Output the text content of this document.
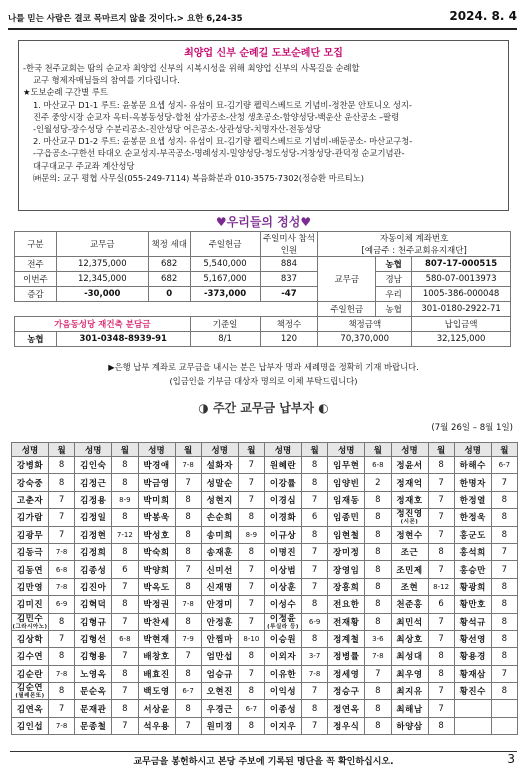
나를 믿는 사람은 결코 목마르지 않을 것이다.> 요한 6,24-35	2024. 8. 4
최양업 신부 순례길 도보순례단 모집

-한국 천주교회는 땀의 순교자 최양업 신부의 시복시성을 위해 최양업 신부의 사목길을 순례할

교구 형제자매님들의 참여를 기다립니다.

★도보순례 구간별 루트

1. 마산교구 D1-1 루트: 윤봉문 요셉 성지- 유섬이 묘-김기량 펠릭스베드로 기념비-정찬문 안토니오 성지-

진주 중앙시장 순교자 옥터-옥봉동성당-합천 삼가공소-산청 생초공소-함양성당-백운산 운산공소 –팔령

-인월성당-장수성당 수분리공소-진안성당 어은공소-상관성당-치명자산-전동성당

2. 마산교구 D1-2 루트: 윤봉문 요셉 성지- 유섬이 묘-김기량 펠릭스베드로 기념비-배둔공소- 마산교구청-

-구읍공소-구한선 타대오 순교성지-부곡공소-명례성지-밀양성당-청도성당-거창성당-관덕정 순교기념관-

대구대교구 주교좌 계산성당

㈚문의: 교구 평협 사무실(055-249-7114) 복음화분과 010-3575-7302(정승환 마르티노)

♥우리들의 정성♥
구분	교무금	책정 세대	주일헌금	주일미사 참석인원	자동이체 계좌번호
[예금주 : 천주교회유지재단]		

전주	12,375,000	682	5,540,000	884	교무금	농협	807-17-000515
이번주	12,345,000	682	5,167,000	837		경남	580-07-0013973
증감	-30,000	0	-373,000	-47		우리	1005-386-000048
					주일헌금	농협	301-0180-2922-71
가음동성당 재건축 분담금			기준일	책정수	책정금액		납입금액
농협	301-0348-8939-91		8/1	120	70,370,000		32,125,000
▶은행 납부 계좌로 교무금을 내시는 분은 납부자 명과 세례명을 정확히 기재 바랍니다.
(입금인을 기부금 대상자 명의로 이체 부탁드립니다)
◑ 주간 교무금 납부자 ◐
(7월 26일 – 8월 1일)
성명	월	성명	월	성명	월	성명	월	성명	월	성명	월	성명	월	성명	월
강병화	8	김인숙	8	박경애	7-8	설화자	7	원혜란	8	임무현	6-8	정윤서	8	하해수	6-7
강숙중	8	김정근	8	박금영	7	성말순	7	이강률	8	임양빈	2	정재억	7	한명자	7
고춘자	7	김정용	8-9	박미희	8	성현지	7	이경심	7	임재동	8	정재호	7	한정열	8
김가람	7	김정일	8	박봉욱	8	손순희	8	이경화	6	임종민	8	정진영
(시몬)	7	한정욱	8
김광무	7	김정현	7-12	박성호	8	송미희	8-9	이규상	8	임현철	8	정현수	7	홍군도	8
김동극	7-8	김정희	8	박숙희	8	송재훈	8	이명진	7	장미정	8	조근	8	홍석희	7
김동연	6-8	김종성	6	박양희	7	신미선	7	이상범	7	장영임	8	조민제	7	홍승만	7
김만영	7-8	김진아	7	박옥도	8	신재명	7	이상훈	7	장흥희	8	조현	8-12	황광희	8
김미진	6-9	김혁덕	8	박정권	7-8	안경미	7	이성수	8	전요한	8	천준홍	6	황만호	8

김민수
(그라시아노)	8	김형규	7	박찬세	8	안정훈	7	이정윤
(루실라 등)	6-9	전재황	8	최민석	7	황석규	8
김상학	7	김형선	6-8	박현재	7-9	안찜마	8-10	이승원	8	정계철	3-6	최상호	7	황선영	8
김수연	8	김형용	7	배창호	7	엄만섭	8	이외자	3-7	정병률	7-8	최성대	8	황용경	8
김순란	7-8	노영옥	8	배효진	8	엄승규	7	이유한	7-8	정세영	7	최우영	8	황재삼	7

김순연
(필레몬또)	8	문순옥	7	백도영	6-7	오현진	8	이익성	7	정승구	8	최지유	7	황진수	8
김연옥	7	문재관	8	서상윤	8	우경근	6-7	이종성	8	정연옥	8	최해남	7		
김인섭	7-8	문종철	7	석우용	7	원미경	8	이지우	7	정우식	8	하양삼	8		
교무금을 봉헌하시고 본당 주보에 기록된 명단을 꼭 확인하십시오.	3
